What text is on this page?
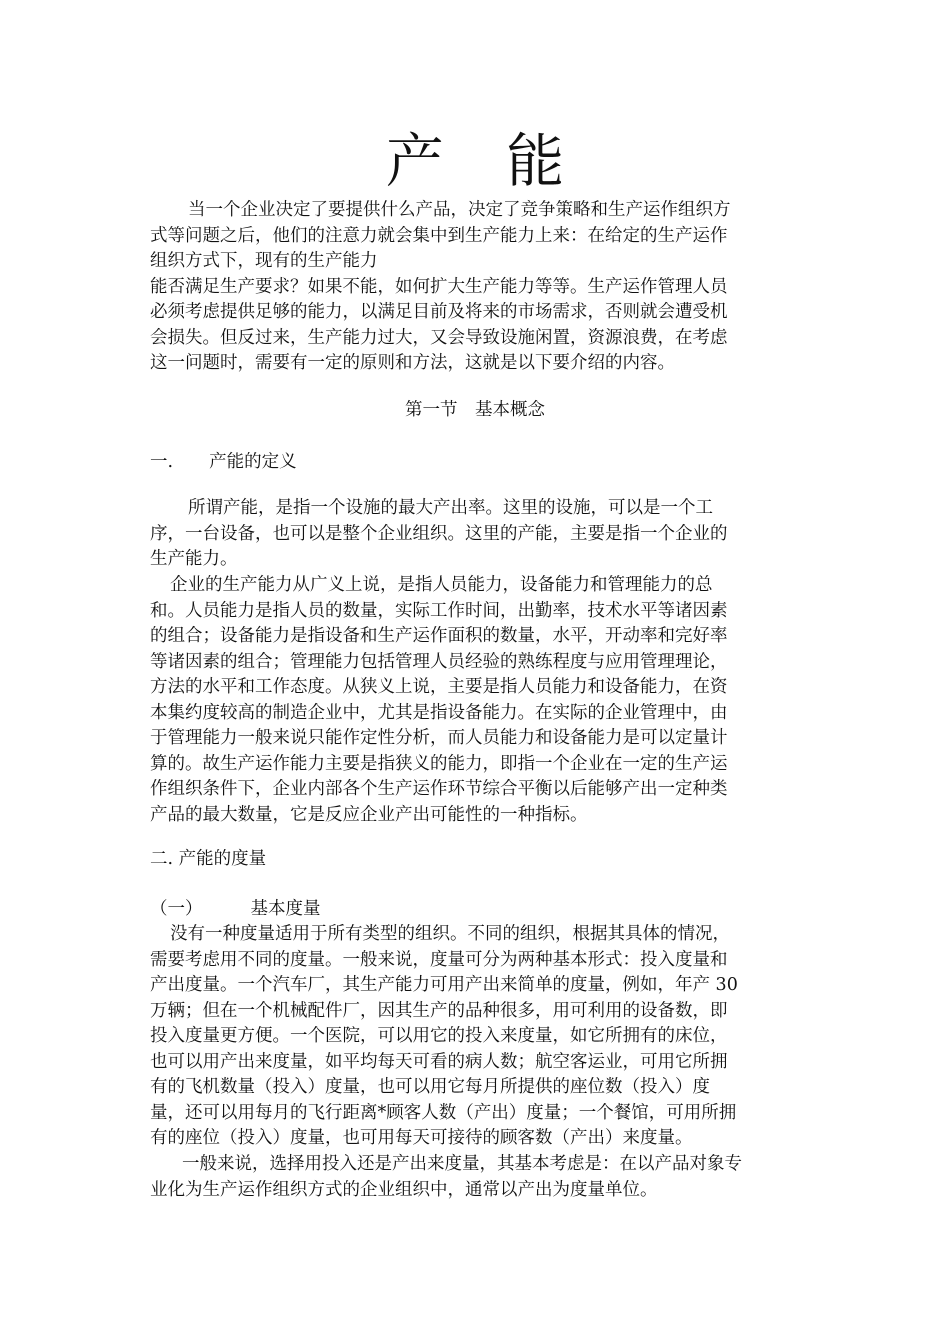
产 能
当一个企业决定了要提供什么产品，决定了竞争策略和生产运作组织方
式等问题之后，他们的注意力就会集中到生产能力上来：在给定的生产运作
组织方式下，现有的生产能力
能否满足生产要求？如果不能，如何扩大生产能力等等。生产运作管理人员
必须考虑提供足够的能力，以满足目前及将来的市场需求，否则就会遭受机
会损失。但反过来，生产能力过大，又会导致设施闲置，资源浪费，在考虑
这一问题时，需要有一定的原则和方法，这就是以下要介绍的内容。
第一节　基本概念
一. 产能的定义
所谓产能，是指一个设施的最大产出率。这里的设施，可以是一个工
序，一台设备，也可以是整个企业组织。这里的产能，主要是指一个企业的
生产能力。
企业的生产能力从广义上说，是指人员能力，设备能力和管理能力的总
和。人员能力是指人员的数量，实际工作时间，出勤率，技术水平等诸因素
的组合；设备能力是指设备和生产运作面积的数量，水平，开动率和完好率
等诸因素的组合；管理能力包括管理人员经验的熟练程度与应用管理理论，
方法的水平和工作态度。从狭义上说，主要是指人员能力和设备能力，在资
本集约度较高的制造企业中，尤其是指设备能力。在实际的企业管理中，由
于管理能力一般来说只能作定性分析，而人员能力和设备能力是可以定量计
算的。故生产运作能力主要是指狭义的能力，即指一个企业在一定的生产运
作组织条件下，企业内部各个生产运作环节综合平衡以后能够产出一定种类
产品的最大数量，它是反应企业产出可能性的一种指标。
二. 产能的度量
（一）	基本度量
没有一种度量适用于所有类型的组织。不同的组织，根据其具体的情况，
需要考虑用不同的度量。一般来说，度量可分为两种基本形式：投入度量和
产出度量。一个汽车厂，其生产能力可用产出来简单的度量，例如，年产 30
万辆；但在一个机械配件厂，因其生产的品种很多，用可利用的设备数，即
投入度量更方便。一个医院，可以用它的投入来度量，如它所拥有的床位，
也可以用产出来度量，如平均每天可看的病人数；航空客运业，可用它所拥
有的飞机数量（投入）度量，也可以用它每月所提供的座位数（投入）度
量，还可以用每月的飞行距离*顾客人数（产出）度量；一个餐馆，可用所拥
有的座位（投入）度量，也可用每天可接待的顾客数（产出）来度量。
一般来说，选择用投入还是产出来度量，其基本考虑是：在以产品对象专
业化为生产运作组织方式的企业组织中，通常以产出为度量单位。
